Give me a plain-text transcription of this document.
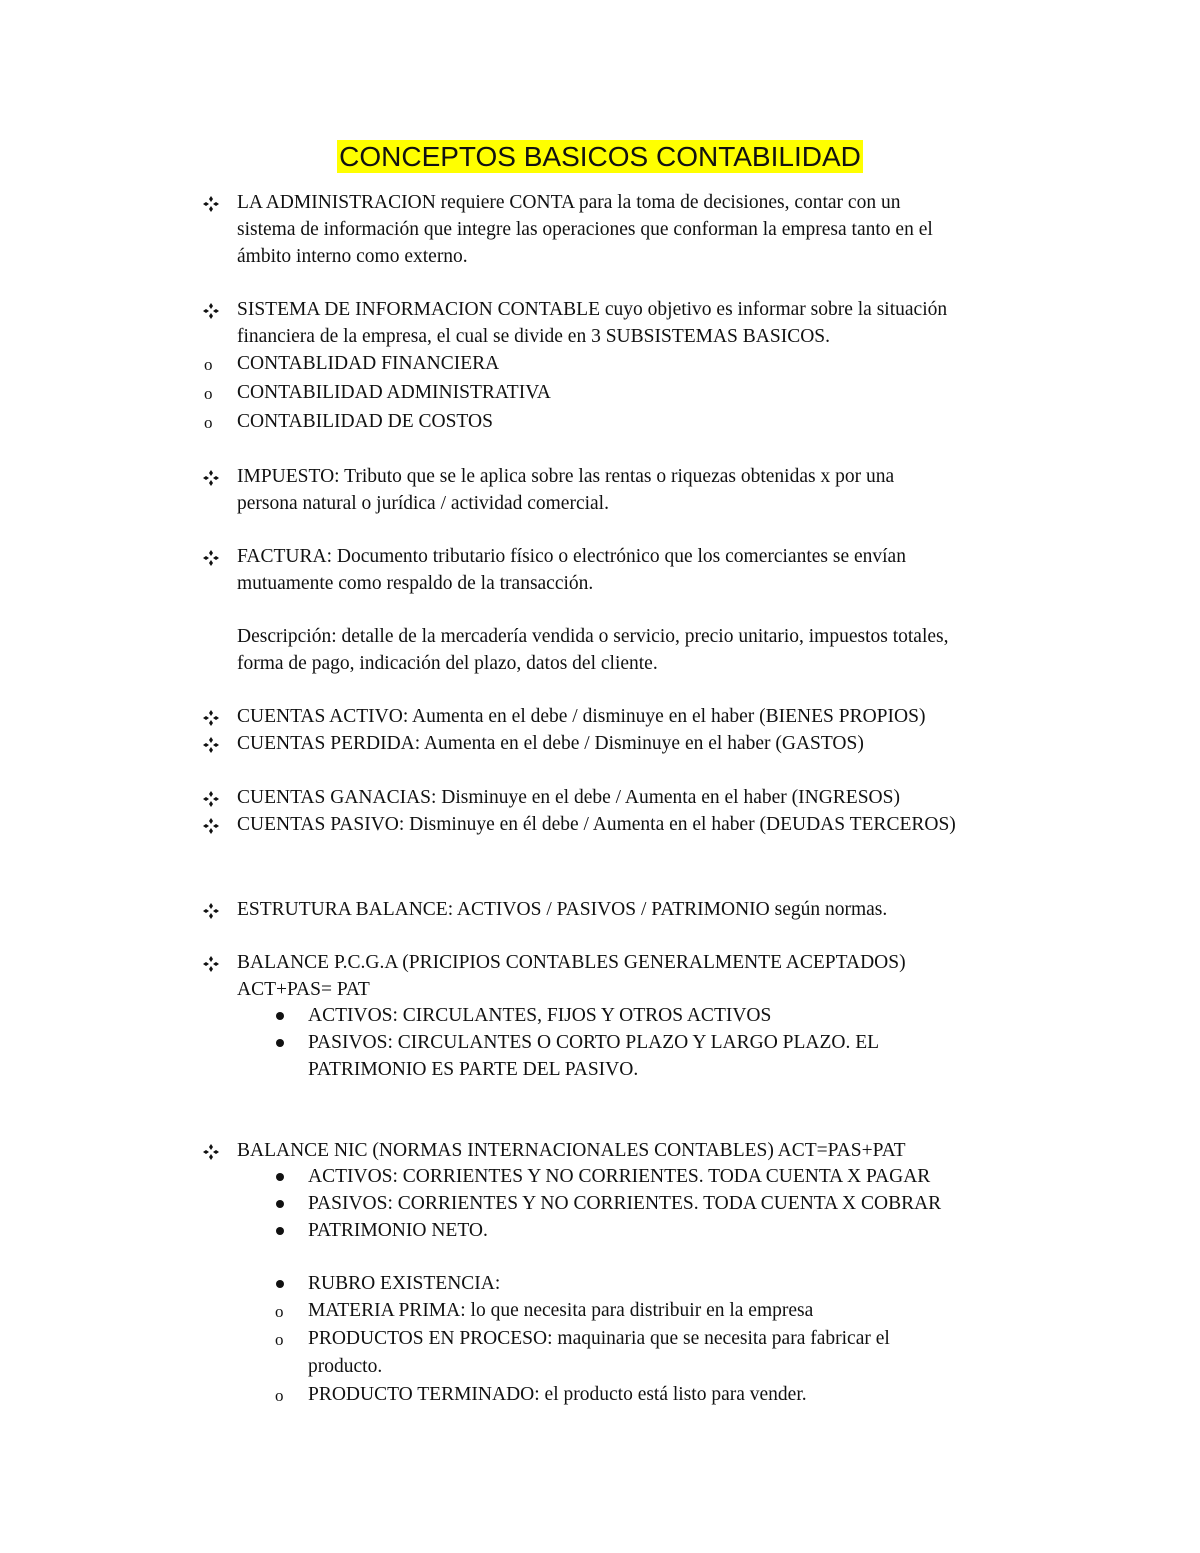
CONCEPTOS BASICOS CONTABILIDAD
LA ADMINISTRACION requiere CONTA para la toma de decisiones, contar con un
sistema de información que integre las operaciones que conforman la empresa tanto en el
ámbito interno como externo.
SISTEMA DE INFORMACION CONTABLE cuyo objetivo es informar sobre la situación
financiera de la empresa, el cual se divide en 3 SUBSISTEMAS BASICOS.
o CONTABLIDAD FINANCIERA
o CONTABILIDAD ADMINISTRATIVA
o CONTABILIDAD DE COSTOS
IMPUESTO: Tributo que se le aplica sobre las rentas o riquezas obtenidas x por una
persona natural o jurídica / actividad comercial.
FACTURA: Documento tributario físico o electrónico que los comerciantes se envían
mutuamente como respaldo de la transacción.
Descripción: detalle de la mercadería vendida o servicio, precio unitario, impuestos totales,
forma de pago, indicación del plazo, datos del cliente.
CUENTAS ACTIVO: Aumenta en el debe / disminuye en el haber (BIENES PROPIOS)
CUENTAS PERDIDA: Aumenta en el debe / Disminuye en el haber (GASTOS)
CUENTAS GANACIAS: Disminuye en el debe / Aumenta en el haber (INGRESOS)
CUENTAS PASIVO: Disminuye en él debe / Aumenta en el haber (DEUDAS TERCEROS)
ESTRUTURA BALANCE: ACTIVOS / PASIVOS / PATRIMONIO según normas.
BALANCE P.C.G.A (PRICIPIOS CONTABLES GENERALMENTE ACEPTADOS)
ACT+PAS= PAT
ACTIVOS: CIRCULANTES, FIJOS Y OTROS ACTIVOS
PASIVOS: CIRCULANTES O CORTO PLAZO Y LARGO PLAZO. EL
PATRIMONIO ES PARTE DEL PASIVO.
BALANCE NIC (NORMAS INTERNACIONALES CONTABLES) ACT=PAS+PAT
ACTIVOS: CORRIENTES Y NO CORRIENTES. TODA CUENTA X PAGAR
PASIVOS: CORRIENTES Y NO CORRIENTES. TODA CUENTA X COBRAR
PATRIMONIO NETO.
RUBRO EXISTENCIA:
o MATERIA PRIMA: lo que necesita para distribuir en la empresa
o PRODUCTOS EN PROCESO: maquinaria que se necesita para fabricar el
producto.
o PRODUCTO TERMINADO: el producto está listo para vender.
